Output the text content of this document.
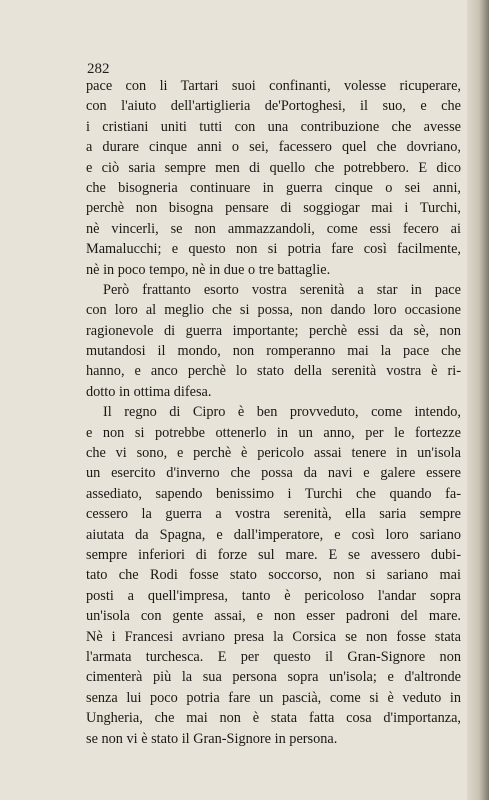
282
pace con li Tartari suoi confinanti, volesse ricuperare,
con l'aiuto dell'artiglieria de'Portoghesi, il suo, e che
i cristiani uniti tutti con una contribuzione che avesse
a durare cinque anni o sei, facessero quel che dovriano,
e ciò saria sempre men di quello che potrebbero. E dico
che bisogneria continuare in guerra cinque o sei anni,
perchè non bisogna pensare di soggiogar mai i Turchi,
nè vincerli, se non ammazzandoli, come essi fecero ai
Mamalucchi; e questo non si potria fare così facilmente,
nè in poco tempo, nè in due o tre battaglie.
Però frattanto esorto vostra serenità a star in pace
con loro al meglio che si possa, non dando loro occasione
ragionevole di guerra importante; perchè essi da sè, non
mutandosi il mondo, non romperanno mai la pace che
hanno, e anco perchè lo stato della serenità vostra è ri-
dotto in ottima difesa.
Il regno di Cipro è ben provveduto, come intendo,
e non si potrebbe ottenerlo in un anno, per le fortezze
che vi sono, e perchè è pericolo assai tenere in un'isola
un esercito d'inverno che possa da navi e galere essere
assediato, sapendo benissimo i Turchi che quando fa-
cessero la guerra a vostra serenità, ella saria sempre
aiutata da Spagna, e dall'imperatore, e così loro sariano
sempre inferiori di forze sul mare. E se avessero dubi-
tato che Rodi fosse stato soccorso, non si sariano mai
posti a quell'impresa, tanto è pericoloso l'andar sopra
un'isola con gente assai, e non esser padroni del mare.
Nè i Francesi avriano presa la Corsica se non fosse stata
l'armata turchesca. E per questo il Gran-Signore non
cimenterà più la sua persona sopra un'isola; e d'altronde
senza lui poco potria fare un pascià, come si è veduto in
Ungheria, che mai non è stata fatta cosa d'importanza,
se non vi è stato il Gran-Signore in persona.
